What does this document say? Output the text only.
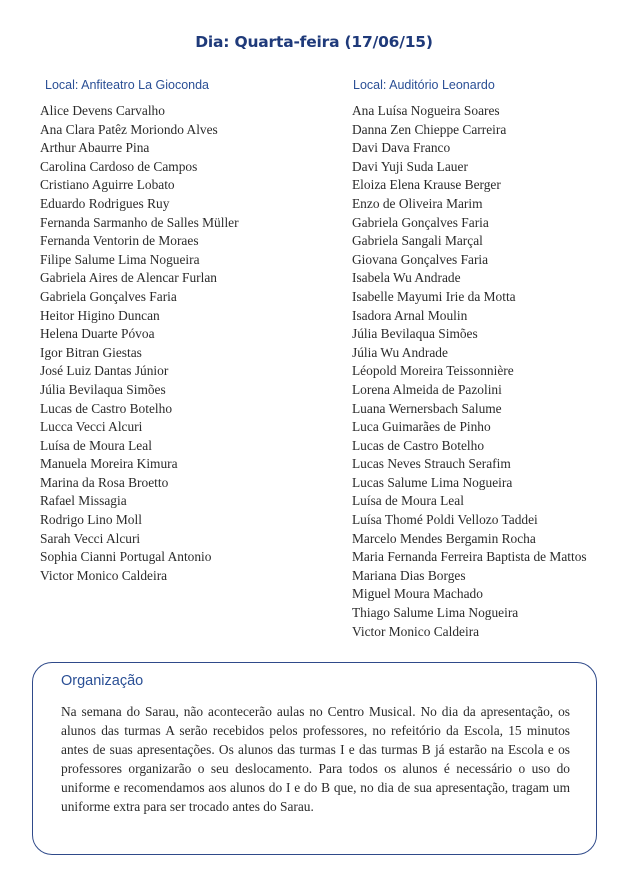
Dia: Quarta-feira (17/06/15)
Local: Anfiteatro La Gioconda
Alice Devens Carvalho
Ana Clara Patêz Moriondo Alves
Arthur Abaurre Pina
Carolina Cardoso de Campos
Cristiano Aguirre Lobato
Eduardo Rodrigues Ruy
Fernanda Sarmanho de Salles Müller
Fernanda Ventorin de Moraes
Filipe Salume Lima Nogueira
Gabriela Aires de Alencar Furlan
Gabriela Gonçalves Faria
Heitor Higino Duncan
Helena Duarte Póvoa
Igor Bitran Giestas
José Luiz Dantas Júnior
Júlia Bevilaqua Simões
Lucas de Castro Botelho
Lucca Vecci Alcuri
Luísa de Moura Leal
Manuela Moreira Kimura
Marina da Rosa Broetto
Rafael Missagia
Rodrigo Lino Moll
Sarah Vecci Alcuri
Sophia Cianni Portugal Antonio
Victor Monico Caldeira
Local: Auditório Leonardo
Ana Luísa Nogueira Soares
Danna Zen Chieppe Carreira
Davi Dava Franco
Davi Yuji Suda Lauer
Eloiza Elena Krause Berger
Enzo de Oliveira Marim
Gabriela Gonçalves Faria
Gabriela Sangali Marçal
Giovana Gonçalves Faria
Isabela Wu Andrade
Isabelle Mayumi Irie da Motta
Isadora Arnal Moulin
Júlia Bevilaqua Simões
Júlia Wu Andrade
Léopold Moreira Teissonnière
Lorena Almeida de Pazolini
Luana Wernersbach Salume
Luca Guimarães de Pinho
Lucas de Castro Botelho
Lucas Neves Strauch Serafim
Lucas Salume Lima Nogueira
Luísa de Moura Leal
Luísa Thomé Poldi Vellozo Taddei
Marcelo Mendes Bergamin Rocha
Maria Fernanda Ferreira Baptista de Mattos
Mariana Dias Borges
Miguel Moura Machado
Thiago Salume Lima Nogueira
Victor Monico Caldeira
Organização

Na semana do Sarau, não acontecerão aulas no Centro Musical. No dia da apresentação, os alunos das turmas A serão recebidos pelos professores, no refeitório da Escola, 15 minutos antes de suas apresentações. Os alunos das turmas I e das turmas B já estarão na Escola e os professores organizarão o seu deslocamento. Para todos os alunos é necessário o uso do uniforme e recomendamos aos alunos do I e do B que, no dia de sua apresentação, tragam um uniforme extra para ser trocado antes do Sarau.
